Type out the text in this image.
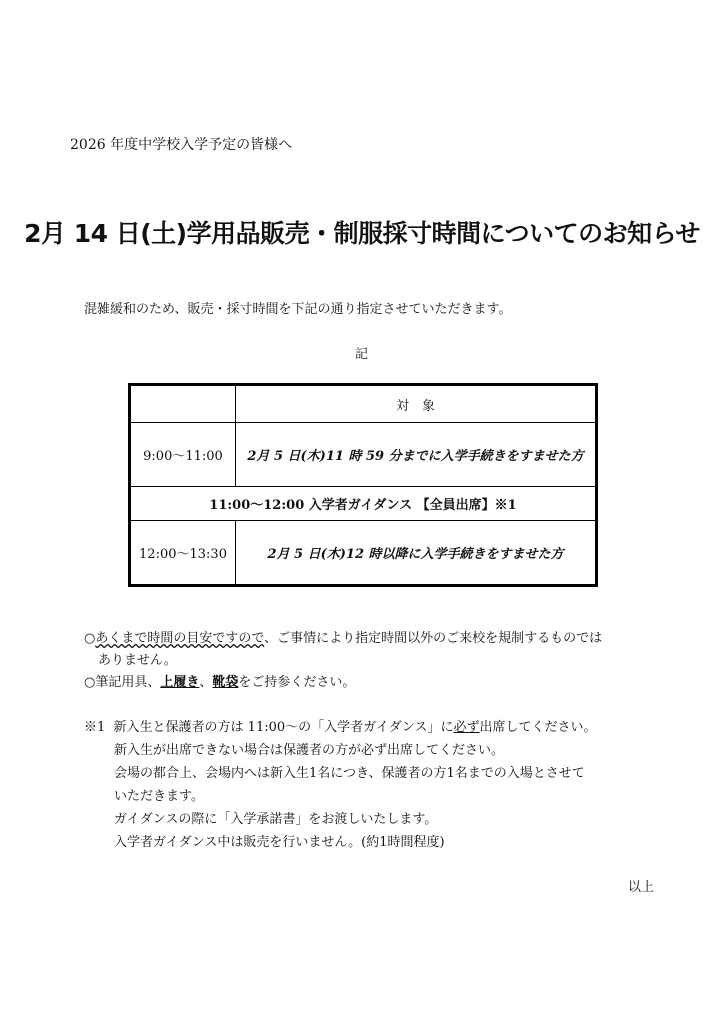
2026 年度中学校入学予定の皆様へ
2月 14 日(土)学用品販売・制服採寸時間についてのお知らせ
混雑緩和のため、販売・採寸時間を下記の通り指定させていただきます。
記
	対　象
9:00〜11:00	2月 5 日(木)11 時 59 分までに入学手続きをすませた方
11:00〜12:00 入学者ガイダンス 【全員出席】※1	
12:00〜13:30	2月 5 日(木)12 時以降に入学手続きをすませた方
○あくまで時間の目安ですので、ご事情により指定時間以外のご来校を規制するものでは
ありません。
○筆記用具、上履き、靴袋をご持参ください。
※1 新入生と保護者の方は 11:00〜の「入学者ガイダンス」に必ず出席してください。
新入生が出席できない場合は保護者の方が必ず出席してください。
会場の都合上、会場内へは新入生1名につき、保護者の方1名までの入場とさせて
いただきます。
ガイダンスの際に「入学承諾書」をお渡しいたします。
入学者ガイダンス中は販売を行いません。(約1時間程度)
以上
